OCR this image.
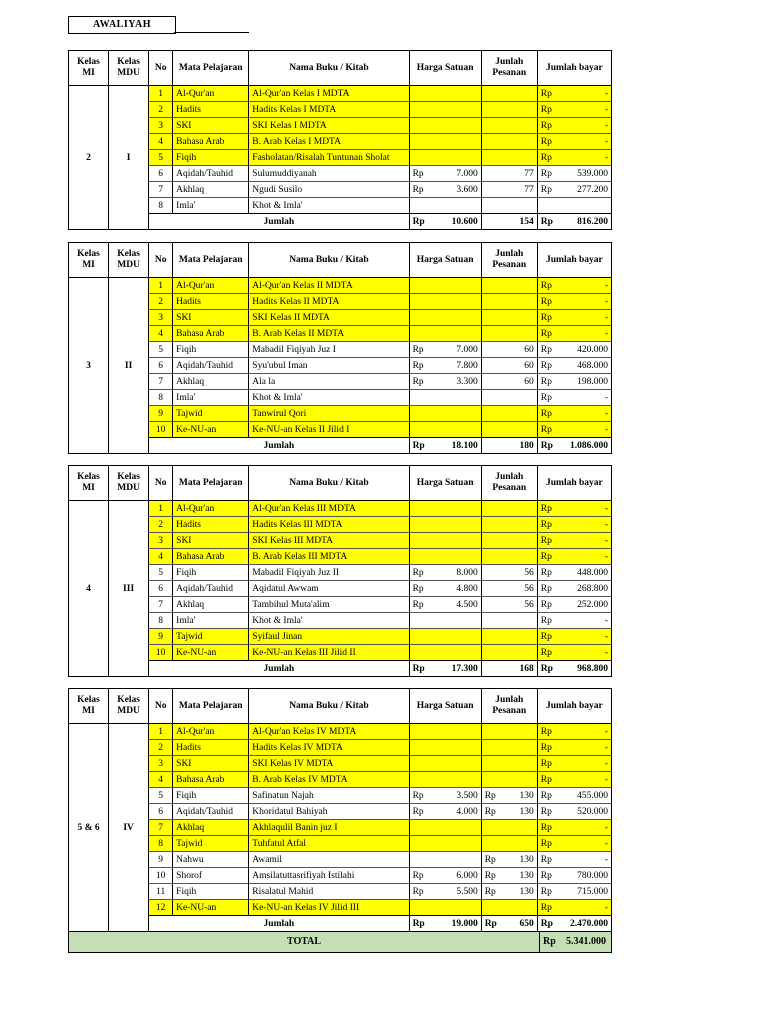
AWALIYAH
Kelas MI	Kelas MDU	No	Mata Pelajaran	Nama Buku / Kitab	Harga Satuan	Junlah Pesanan	Jumlah bayar
2	I	1	Al-Qur'an	Al-Qur'an Kelas I MDTA			Rp -

		2	Hadits	Hadits Kelas I MDTA			Rp -

		3	SKI	SKI Kelas I MDTA			Rp -

		4	Bahasa Arab	B. Arab Kelas I MDTA			Rp -

		5	Fiqih	Fasholatan/Risalah Tuntunan Sholat			Rp -

		6	Aqidah/Tauhid	Sulumuddiyanah	Rp 7.000	77	Rp 539.000

		7	Akhlaq	Ngudi Susilo	Rp 3.600	77	Rp 277.200

		8	Imla'	Khot & Imla'	

		Jumlah			Rp 10.600	154	Rp 816.200
Kelas MI	Kelas MDU	No	Mata Pelajaran	Nama Buku / Kitab	Harga Satuan	Junlah Pesanan	Jumlah bayar
3	II	1	Al-Qur'an	Al-Qur'an Kelas II MDTA			Rp -

		2	Hadits	Hadits Kelas II MDTA			Rp -

		3	SKI	SKI Kelas II MDTA			Rp -

		4	Bahasa Arab	B. Arab Kelas II MDTA			Rp -

		5	Fiqih	Mabadil Fiqiyah Juz I	Rp 7.000	60	Rp 420.000

		6	Aqidah/Tauhid	Syu'ubul Iman	Rp 7.800	60	Rp 468.000

		7	Akhlaq	Ala la	Rp 3.300	60	Rp 198.000

		8	Imla'	Khot & Imla'			Rp -

		9	Tajwid	Tanwirul Qori			Rp -

		10	Ke-NU-an	Ke-NU-an Kelas II Jilid I			Rp -

		Jumlah			Rp 18.100	180	Rp 1.086.000
Kelas MI	Kelas MDU	No	Mata Pelajaran	Nama Buku / Kitab	Harga Satuan	Junlah Pesanan	Jumlah bayar
4	III	1	Al-Qur'an	Al-Qur'an Kelas III MDTA			Rp -

		2	Hadits	Hadits Kelas III MDTA			Rp -

		3	SKI	SKI Kelas III MDTA			Rp -

		4	Bahasa Arab	B. Arab Kelas III MDTA			Rp -

		5	Fiqih	Mabadil Fiqiyah Juz II	Rp 8.000	56	Rp 448.000

		6	Aqidah/Tauhid	Aqidatul Awwam	Rp 4.800	56	Rp 268.800

		7	Akhlaq	Tambihul Muta'alim	Rp 4.500	56	Rp 252.000

		8	Imla'	Khot & Imla'			Rp -

		9	Tajwid	Syifaul Jinan			Rp -

		10	Ke-NU-an	Ke-NU-an Kelas III Jilid II			Rp -

		Jumlah			Rp 17.300	168	Rp 968.800
Kelas MI	Kelas MDU	No	Mata Pelajaran	Nama Buku / Kitab	Harga Satuan	Junlah Pesanan	Jumlah bayar
5 & 6	IV	1	Al-Qur'an	Al-Qur'an Kelas IV MDTA			Rp -

		2	Hadits	Hadits Kelas IV MDTA			Rp -

		3	SKI	SKI Kelas IV MDTA			Rp -

		4	Bahasa Arab	B. Arab Kelas IV MDTA			Rp -

		5	Fiqih	Safinatun Najah	Rp 3.500	Rp 130	Rp 455.000

		6	Aqidah/Tauhid	Khoridatul Bahiyah	Rp 4.000	Rp 130	Rp 520.000

		7	Akhlaq	Akhlaqulil Banin juz I			Rp -

		8	Tajwid	Tuhfatul Atfal			Rp -

		9	Nahwu	Awamil		Rp 130	Rp -

		10	Shorof	Amsilatuttasrifiyah Istilahi	Rp 6.000	Rp 130	Rp 780.000

		11	Fiqih	Risalatul Mahid	Rp 5.500	Rp 130	Rp 715.000

		12	Ke-NU-an	Ke-NU-an Kelas IV Jilid III			Rp -

		Jumlah			Rp 19.000	Rp 650	Rp 2.470.000
TOTAL	Rp 5.341.000
